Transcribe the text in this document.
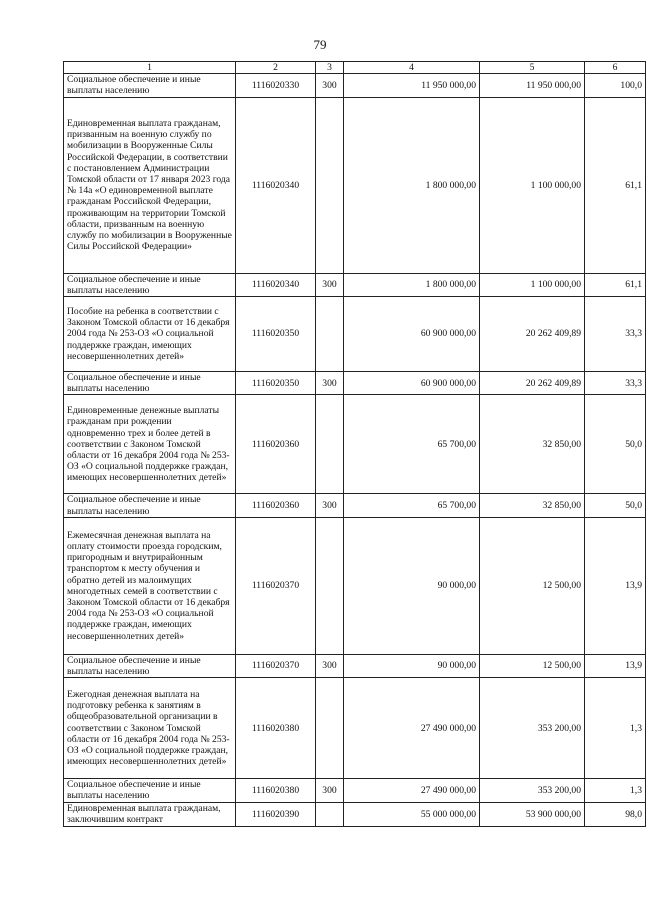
79
1	2	3	4	5	6
Социальное обеспечение и иные выплаты населению	1116020330	300	11 950 000,00	11 950 000,00	100,0
Единовременная выплата гражданам, призванным на военную службу по мобилизации в Вооруженные Силы Российской Федерации, в соответствии с постановлением Администрации Томской области от 17 января 2023 года № 14а «О единовременной выплате гражданам Российской Федерации, проживающим на территории Томской области, призванным на военную службу по мобилизации в Вооруженные Силы Российской Федерации»	1116020340		1 800 000,00	1 100 000,00	61,1
Социальное обеспечение и иные выплаты населению	1116020340	300	1 800 000,00	1 100 000,00	61,1
Пособие на ребенка в соответствии с Законом Томской области от 16 декабря 2004 года № 253-ОЗ «О социальной поддержке граждан, имеющих несовершеннолетних детей»	1116020350		60 900 000,00	20 262 409,89	33,3
Социальное обеспечение и иные выплаты населению	1116020350	300	60 900 000,00	20 262 409,89	33,3
Единовременные денежные выплаты гражданам при рождении одновременно трех и более детей в соответствии с Законом Томской области от 16 декабря 2004 года № 253-ОЗ «О социальной поддержке граждан, имеющих несовершеннолетних детей»	1116020360		65 700,00	32 850,00	50,0
Социальное обеспечение и иные выплаты населению	1116020360	300	65 700,00	32 850,00	50,0
Ежемесячная денежная выплата на оплату стоимости проезда городским, пригородным и внутрирайонным транспортом к месту обучения и обратно детей из малоимущих многодетных семей в соответствии с Законом Томской области от 16 декабря 2004 года № 253-ОЗ «О социальной поддержке граждан, имеющих несовершеннолетних детей»	1116020370		90 000,00	12 500,00	13,9
Социальное обеспечение и иные выплаты населению	1116020370	300	90 000,00	12 500,00	13,9
Ежегодная денежная выплата на подготовку ребенка к занятиям в общеобразовательной организации в соответствии с Законом Томской области от 16 декабря 2004 года № 253-ОЗ «О социальной поддержке граждан, имеющих несовершеннолетних детей»	1116020380		27 490 000,00	353 200,00	1,3
Социальное обеспечение и иные выплаты населению	1116020380	300	27 490 000,00	353 200,00	1,3
Единовременная выплата гражданам, заключившим контракт	1116020390		55 000 000,00	53 900 000,00	98,0
